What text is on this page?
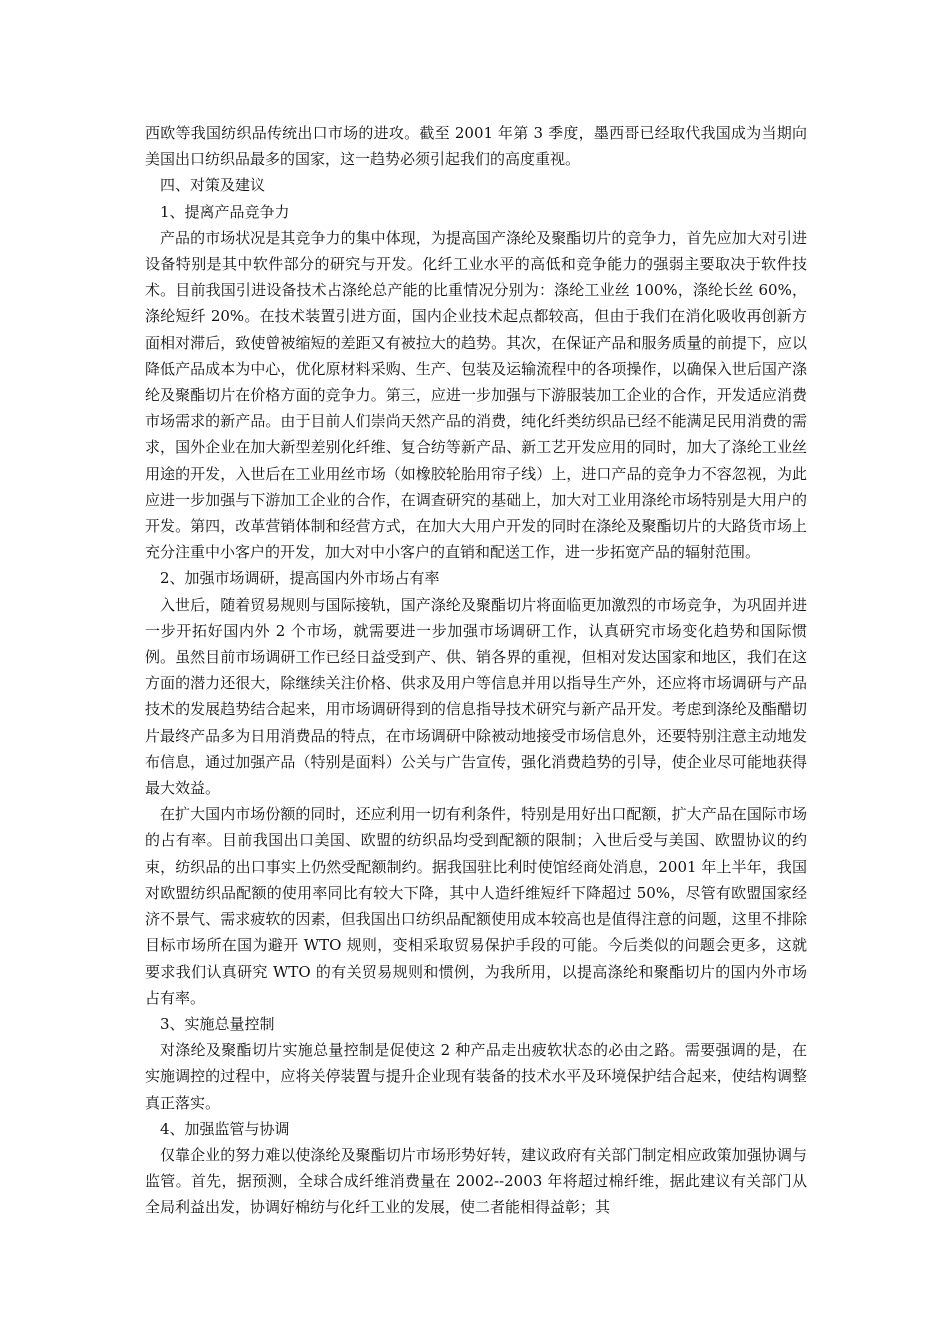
西欧等我国纺织品传统出口市场的进攻。截至 2001 年第 3 季度，墨西哥已经取代我国成为当期向美国出口纺织品最多的国家，这一趋势必须引起我们的高度重视。

四、对策及建议

1、提离产品竞争力

产品的市场状况是其竞争力的集中体现，为提高国产涤纶及聚酯切片的竞争力，首先应加大对引进设备特别是其中软件部分的研究与开发。化纤工业水平的高低和竞争能力的强弱主要取决于软件技术。目前我国引进设备技术占涤纶总产能的比重情况分别为：涤纶工业丝 100%，涤纶长丝 60%，涤纶短纤 20%。在技术装置引进方面，国内企业技术起点都较高，但由于我们在消化吸收再创新方面相对滞后，致使曾被缩短的差距又有被拉大的趋势。其次，在保证产品和服务质量的前提下，应以降低产品成本为中心，优化原材料采购、生产、包装及运输流程中的各项操作，以确保入世后国产涤纶及聚酯切片在价格方面的竞争力。第三，应进一步加强与下游服装加工企业的合作，开发适应消费市场需求的新产品。由于目前人们崇尚天然产品的消费，纯化纤类纺织品已经不能满足民用消费的需求，国外企业在加大新型差别化纤维、复合纺等新产品、新工艺开发应用的同时，加大了涤纶工业丝用途的开发，入世后在工业用丝市场（如橡胶轮胎用帘子线）上，进口产品的竞争力不容忽视，为此应进一步加强与下游加工企业的合作，在调查研究的基础上，加大对工业用涤纶市场特别是大用户的开发。第四，改革营销体制和经营方式，在加大大用户开发的同时在涤纶及聚酯切片的大路货市场上充分注重中小客户的开发，加大对中小客户的直销和配送工作，进一步拓宽产品的辐射范围。

2、加强市场调研，提高国内外市场占有率

入世后，随着贸易规则与国际接轨，国产涤纶及聚酯切片将面临更加激烈的市场竞争，为巩固并进一步开拓好国内外 2 个市场，就需要进一步加强市场调研工作，认真研究市场变化趋势和国际惯例。虽然目前市场调研工作已经日益受到产、供、销各界的重视，但相对发达国家和地区，我们在这方面的潜力还很大，除继续关注价格、供求及用户等信息并用以指导生产外，还应将市场调研与产品技术的发展趋势结合起来，用市场调研得到的信息指导技术研究与新产品开发。考虑到涤纶及酯醋切片最终产品多为日用消费品的特点，在市场调研中除被动地接受市场信息外，还要特别注意主动地发布信息，通过加强产品（特别是面料）公关与广告宣传，强化消费趋势的引导，使企业尽可能地获得最大效益。

在扩大国内市场份额的同时，还应利用一切有利条件，特别是用好出口配额，扩大产品在国际市场的占有率。目前我国出口美国、欧盟的纺织品均受到配额的限制；入世后受与美国、欧盟协议的约束，纺织品的出口事实上仍然受配额制约。据我国驻比利时使馆经商处消息，2001 年上半年，我国对欧盟纺织品配额的使用率同比有较大下降，其中人造纤维短纤下降超过 50%，尽管有欧盟国家经济不景气、需求疲软的因素，但我国出口纺织品配额使用成本较高也是值得注意的问题，这里不排除目标市场所在国为避开 WTO 规则，变相采取贸易保护手段的可能。今后类似的问题会更多，这就要求我们认真研究 WTO 的有关贸易规则和惯例，为我所用，以提高涤纶和聚酯切片的国内外市场占有率。

3、实施总量控制

对涤纶及聚酯切片实施总量控制是促使这 2 种产品走出疲软状态的必由之路。需要强调的是，在实施调控的过程中，应将关停装置与提升企业现有装备的技术水平及环境保护结合起来，使结构调整真正落实。

4、加强监管与协调

仅靠企业的努力难以使涤纶及聚酯切片市场形势好转，建议政府有关部门制定相应政策加强协调与监管。首先，据预测，全球合成纤维消费量在 2002--2003 年将超过棉纤维，据此建议有关部门从全局利益出发，协调好棉纺与化纤工业的发展，使二者能相得益彰；其
